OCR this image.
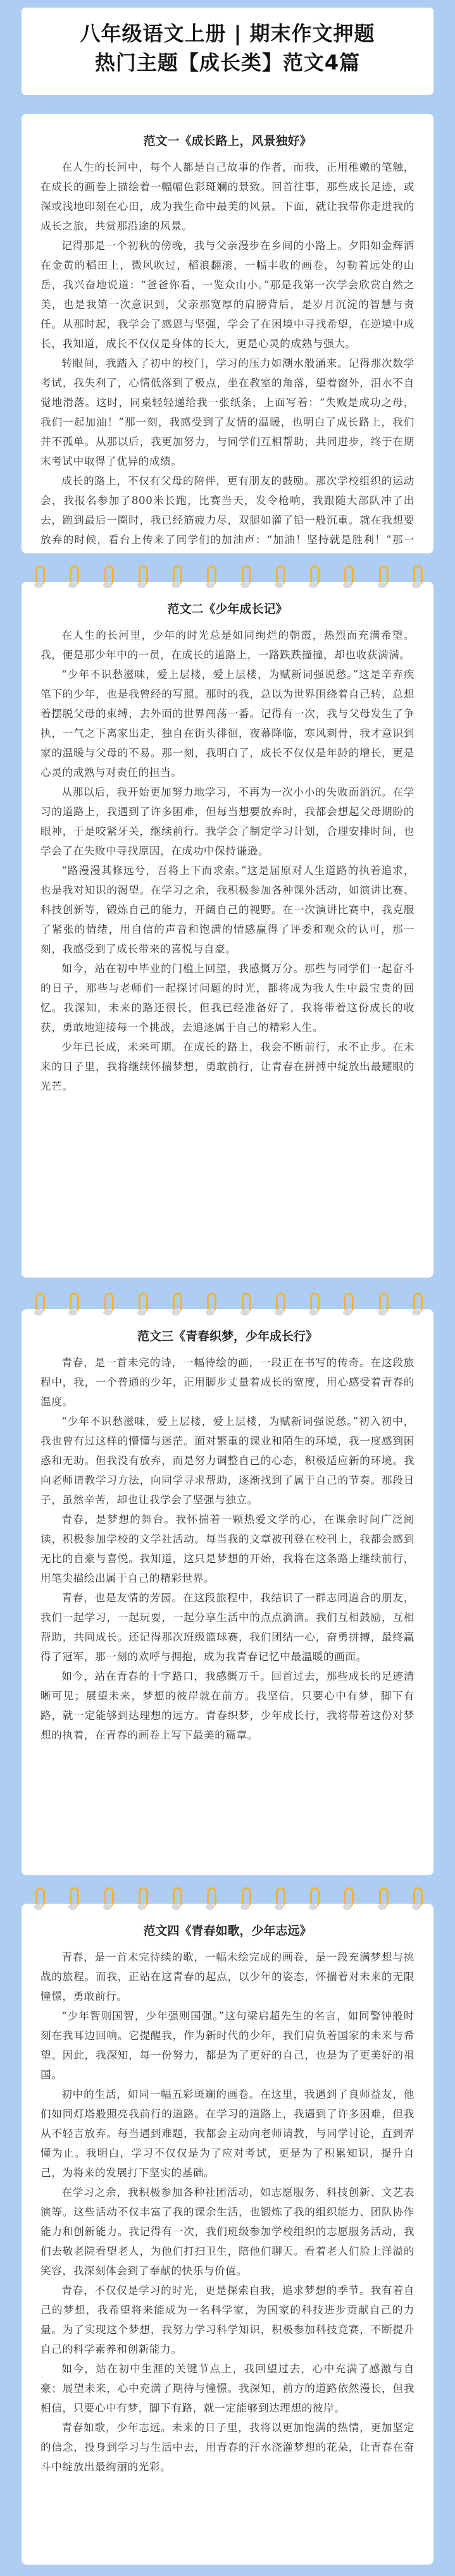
八年级语文上册 | 期末作文押题
热门主题【成长类】范文4篇
范文一《成长路上，风景独好》

在人生的长河中，每个人都是自己故事的作者，而我，正用稚嫩的笔触，在成长的画卷上描绘着一幅幅色彩斑斓的景致。回首往事，那些成长足迹，或深或浅地印刻在心田，成为我生命中最美的风景。下面，就让我带你走进我的成长之旅，共赏那沿途的风景。

记得那是一个初秋的傍晚，我与父亲漫步在乡间的小路上。夕阳如金辉洒在金黄的稻田上，微风吹过，稻浪翻滚，一幅丰收的画卷，勾勒着远处的山岳，我兴奋地说道：“爸爸你看，一览众山小。”那是我第一次学会欣赏自然之美，也是我第一次意识到，父亲那宽厚的肩膀背后，是岁月沉淀的智慧与责任。从那时起，我学会了感恩与坚强，学会了在困境中寻找希望，在逆境中成长，我知道，成长不仅仅是身体的长大，更是心灵的成熟与强大。

转眼间，我踏入了初中的校门，学习的压力如潮水般涌来。记得那次数学考试，我失利了，心情低落到了极点，坐在教室的角落，望着窗外，泪水不自觉地滑落。这时，同桌轻轻递给我一张纸条，上面写着：“失败是成功之母，我们一起加油！”那一刻，我感受到了友情的温暖，也明白了成长路上，我们并不孤单。从那以后，我更加努力，与同学们互相帮助，共同进步，终于在期末考试中取得了优异的成绩。

成长的路上，不仅有父母的陪伴，更有朋友的鼓励。那次学校组织的运动会，我报名参加了800米长跑，比赛当天，发令枪响，我跟随大部队冲了出去，跑到最后一圈时，我已经筋疲力尽，双腿如灌了铅一般沉重。就在我想要放弃的时候，看台上传来了同学们的加油声：“加油！坚持就是胜利！”那一

范文二《少年成长记》

在人生的长河里，少年的时光总是如同绚烂的朝霞，热烈而充满希望。我，便是那少年中的一员，在成长的道路上，一路跌跌撞撞，却也收获满满。

“少年不识愁滋味，爱上层楼，爱上层楼，为赋新词强说愁。”这是辛弃疾笔下的少年，也是我曾经的写照。那时的我，总以为世界围绕着自己转，总想着摆脱父母的束缚，去外面的世界闯荡一番。记得有一次，我与父母发生了争执，一气之下离家出走，独自在街头徘徊，夜幕降临，寒风刺骨，我才意识到家的温暖与父母的不易。那一刻，我明白了，成长不仅仅是年龄的增长，更是心灵的成熟与对责任的担当。

从那以后，我开始更加努力地学习，不再为一次小小的失败而消沉。在学习的道路上，我遇到了许多困难，但每当想要放弃时，我都会想起父母期盼的眼神，于是咬紧牙关，继续前行。我学会了制定学习计划，合理安排时间，也学会了在失败中寻找原因，在成功中保持谦逊。

“路漫漫其修远兮，吾将上下而求索。”这是屈原对人生道路的执着追求，也是我对知识的渴望。在学习之余，我积极参加各种课外活动，如演讲比赛、科技创新等，锻炼自己的能力，开阔自己的视野。在一次演讲比赛中，我克服了紧张的情绪，用自信的声音和饱满的情感赢得了评委和观众的认可，那一刻，我感受到了成长带来的喜悦与自豪。

如今，站在初中毕业的门槛上回望，我感慨万分。那些与同学们一起奋斗的日子，那些与老师们一起探讨问题的时光，都将成为我人生中最宝贵的回忆。我深知，未来的路还很长，但我已经准备好了，我将带着这份成长的收获，勇敢地迎接每一个挑战，去追逐属于自己的精彩人生。

少年已长成，未来可期。在成长的路上，我会不断前行，永不止步。在未来的日子里，我将继续怀揣梦想，勇敢前行，让青春在拼搏中绽放出最耀眼的光芒。

范文三《青春织梦，少年成长行》

青春，是一首未完的诗，一幅待绘的画，一段正在书写的传奇。在这段旅程中，我，一个普通的少年，正用脚步丈量着成长的宽度，用心感受着青春的温度。

“少年不识愁滋味，爱上层楼，爱上层楼，为赋新词强说愁。”初入初中，我也曾有过这样的懵懂与迷茫。面对繁重的课业和陌生的环境，我一度感到困惑和无助。但我没有放弃，而是努力调整自己的心态，积极适应新的环境。我向老师请教学习方法，向同学寻求帮助，逐渐找到了属于自己的节奏。那段日子，虽然辛苦，却也让我学会了坚强与独立。

青春，是梦想的舞台。我怀揣着一颗热爱文学的心，在课余时间广泛阅读，积极参加学校的文学社活动。每当我的文章被刊登在校刊上，我都会感到无比的自豪与喜悦。我知道，这只是梦想的开始，我将在这条路上继续前行，用笔尖描绘出属于自己的精彩世界。

青春，也是友情的芳园。在这段旅程中，我结识了一群志同道合的朋友，我们一起学习，一起玩耍，一起分享生活中的点点滴滴。我们互相鼓励，互相帮助，共同成长。还记得那次班级篮球赛，我们团结一心，奋勇拼搏，最终赢得了冠军，那一刻的欢呼与拥抱，成为我青春记忆中最温暖的画面。

如今，站在青春的十字路口，我感慨万千。回首过去，那些成长的足迹清晰可见；展望未来，梦想的彼岸就在前方。我坚信，只要心中有梦，脚下有路，就一定能够到达理想的远方。青春织梦，少年成长行，我将带着这份对梦想的执着，在青春的画卷上写下最美的篇章。

范文四《青春如歌，少年志远》

青春，是一首未完待续的歌，一幅未绘完成的画卷，是一段充满梦想与挑战的旅程。而我，正站在这青春的起点，以少年的姿态，怀揣着对未来的无限憧憬，勇敢前行。

“少年智则国智，少年强则国强。”这句梁启超先生的名言，如同警钟般时刻在我耳边回响。它提醒我，作为新时代的少年，我们肩负着国家的未来与希望。因此，我深知，每一份努力，都是为了更好的自己，也是为了更美好的祖国。

初中的生活，如同一幅五彩斑斓的画卷。在这里，我遇到了良师益友，他们如同灯塔般照亮我前行的道路。在学习的道路上，我遇到了许多困难，但我从不轻言放弃。每当遇到难题，我都会主动向老师请教，与同学讨论，直到弄懂为止。我明白，学习不仅仅是为了应对考试，更是为了积累知识，提升自己，为将来的发展打下坚实的基础。

在学习之余，我积极参加各种社团活动，如志愿服务、科技创新、文艺表演等。这些活动不仅丰富了我的课余生活，也锻炼了我的组织能力、团队协作能力和创新能力。我记得有一次，我们班级参加学校组织的志愿服务活动，我们去敬老院看望老人，为他们打扫卫生，陪他们聊天。看着老人们脸上洋溢的笑容，我深刻体会到了奉献的快乐与价值。

青春，不仅仅是学习的时光，更是探索自我，追求梦想的季节。我有着自己的梦想，我希望将来能成为一名科学家，为国家的科技进步贡献自己的力量。为了实现这个梦想，我努力学习科学知识，积极参加科技竞赛，不断提升自己的科学素养和创新能力。

如今，站在初中生涯的关键节点上，我回望过去，心中充满了感激与自豪；展望未来，心中充满了期待与憧憬。我深知，前方的道路依然漫长，但我相信，只要心中有梦，脚下有路，就一定能够到达理想的彼岸。

青春如歌，少年志远。未来的日子里，我将以更加饱满的热情，更加坚定的信念，投身到学习与生活中去，用青春的汗水浇灌梦想的花朵，让青春在奋斗中绽放出最绚丽的光彩。
